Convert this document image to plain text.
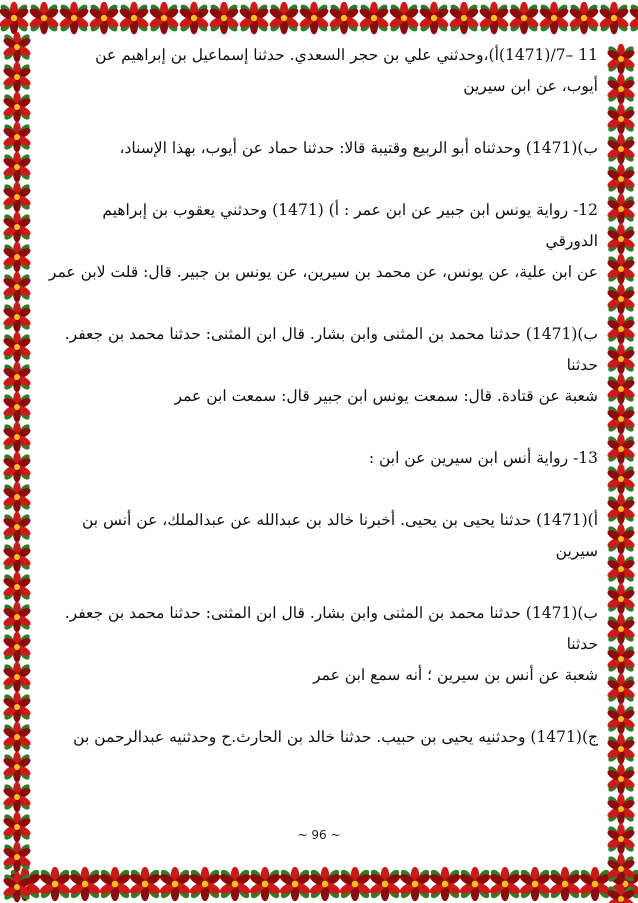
11 –7/(1471)أ)،وحدثني علي بن حجر السعدي. حدثنا إسماعيل بن إبراهيم عن
أيوب، عن ابن سيرين
ب)(1471) وحدثناه أبو الربيع وقتيبة قالا: حدثنا حماد عن أيوب، بهذا الإسناد،
12- رواية يونس ابن جبير عن ابن عمر : أ) (1471) وحدثني يعقوب بن إبراهيم الدورقي
عن ابن علية، عن يونس، عن محمد بن سيرين، عن يونس بن جبير. قال: قلت لابن عمر
ب)(1471) حدثنا محمد بن المثنى وابن بشار. قال ابن المثنى: حدثنا محمد بن جعفر. حدثنا
شعبة عن قتادة. قال: سمعت يونس ابن جبير قال: سمعت ابن عمر
13- رواية أنس ابن سيرين عن ابن :
أ)(1471) حدثنا يحيى بن يحيى. أخبرنا خالد بن عبدالله عن عبدالملك، عن أنس بن
سيرين
ب)(1471) حدثنا محمد بن المثنى وابن بشار. قال ابن المثنى: حدثنا محمد بن جعفر. حدثنا
شعبة عن أنس بن سيرين ؛ أنه سمع ابن عمر
ج)(1471) وحدثنيه يحيى بن حبيب. حدثنا خالد بن الحارث.ح وحدثنيه عبدالرحمن بن
~ 96 ~
